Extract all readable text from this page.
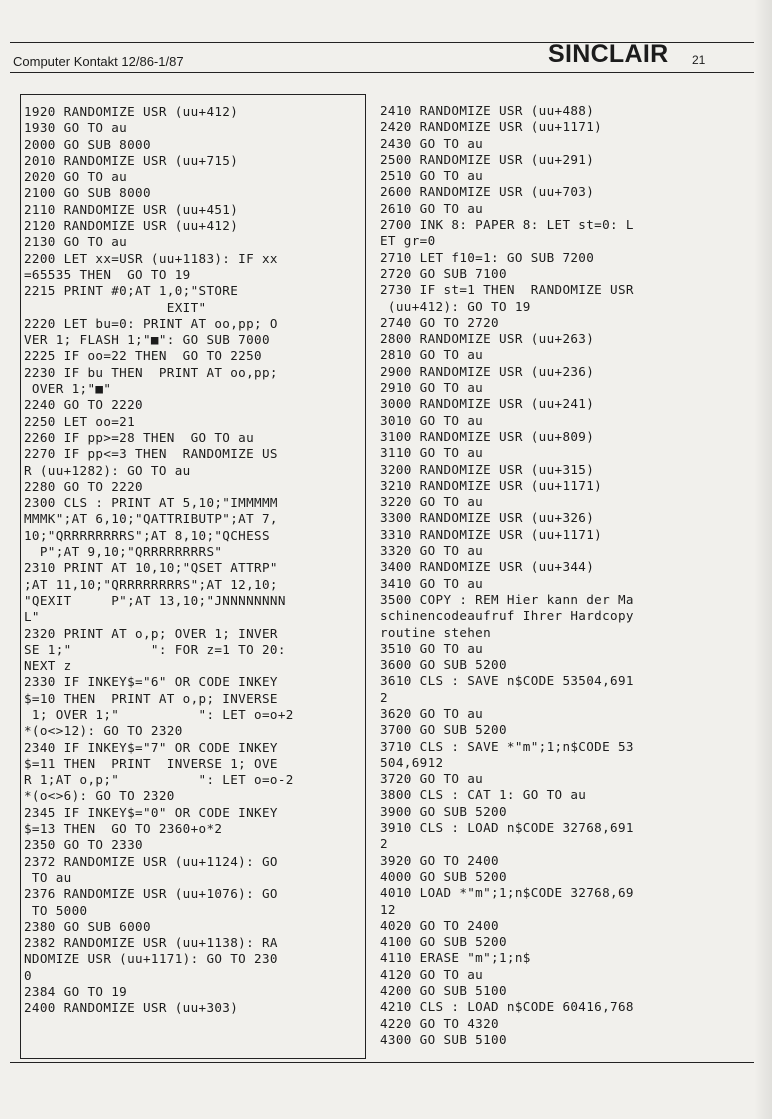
Computer Kontakt 12/86-1/87	SINCLAIR 21
1920 RANDOMIZE USR (uu+412)
1930 GO TO au
2000 GO SUB 8000
2010 RANDOMIZE USR (uu+715)
2020 GO TO au
2100 GO SUB 8000
2110 RANDOMIZE USR (uu+451)
2120 RANDOMIZE USR (uu+412)
2130 GO TO au
2200 LET xx=USR (uu+1183): IF xx
=65535 THEN  GO TO 19
2215 PRINT #0;AT 1,0;"STORE
EXIT"
2220 LET bu=0: PRINT AT oo,pp; O
VER 1; FLASH 1;"■": GO SUB 7000
2225 IF oo=22 THEN  GO TO 2250
2230 IF bu THEN  PRINT AT oo,pp;
OVER 1;"■"
2240 GO TO 2220
2250 LET oo=21
2260 IF pp>=28 THEN  GO TO au
2270 IF pp<=3 THEN  RANDOMIZE US
R (uu+1282): GO TO au
2280 GO TO 2220
2300 CLS : PRINT AT 5,10;"IMMMMM
MMMK";AT 6,10;"QATTRIBUTP";AT 7,
10;"QRRRRRRRRS";AT 8,10;"QCHESS
P";AT 9,10;"QRRRRRRRRS"
2310 PRINT AT 10,10;"QSET ATTRP"
;AT 11,10;"QRRRRRRRRS";AT 12,10;
"QEXIT     P";AT 13,10;"JNNNNNNNN
L"
2320 PRINT AT o,p; OVER 1; INVER
SE 1;"          ": FOR z=1 TO 20:
NEXT z
2330 IF INKEY$="6" OR CODE INKEY
$=10 THEN  PRINT AT o,p; INVERSE
1; OVER 1;"          ": LET o=o+2
*(o<>12): GO TO 2320
2340 IF INKEY$="7" OR CODE INKEY
$=11 THEN  PRINT  INVERSE 1; OVE
R 1;AT o,p;"          ": LET o=o-2
*(o<>6): GO TO 2320
2345 IF INKEY$="0" OR CODE INKEY
$=13 THEN  GO TO 2360+o*2
2350 GO TO 2330
2372 RANDOMIZE USR (uu+1124): GO
TO au
2376 RANDOMIZE USR (uu+1076): GO
TO 5000
2380 GO SUB 6000
2382 RANDOMIZE USR (uu+1138): RA
NDOMIZE USR (uu+1171): GO TO 230
0
2384 GO TO 19
2400 RANDOMIZE USR (uu+303)

2410 RANDOMIZE USR (uu+488)
2420 RANDOMIZE USR (uu+1171)
2430 GO TO au
2500 RANDOMIZE USR (uu+291)
2510 GO TO au
2600 RANDOMIZE USR (uu+703)
2610 GO TO au
2700 INK 8: PAPER 8: LET st=0: L
ET gr=0
2710 LET f10=1: GO SUB 7200
2720 GO SUB 7100
2730 IF st=1 THEN  RANDOMIZE USR
(uu+412): GO TO 19
2740 GO TO 2720
2800 RANDOMIZE USR (uu+263)
2810 GO TO au
2900 RANDOMIZE USR (uu+236)
2910 GO TO au
3000 RANDOMIZE USR (uu+241)
3010 GO TO au
3100 RANDOMIZE USR (uu+809)
3110 GO TO au
3200 RANDOMIZE USR (uu+315)
3210 RANDOMIZE USR (uu+1171)
3220 GO TO au
3300 RANDOMIZE USR (uu+326)
3310 RANDOMIZE USR (uu+1171)
3320 GO TO au
3400 RANDOMIZE USR (uu+344)
3410 GO TO au
3500 COPY : REM Hier kann der Ma
schinencodeaufruf Ihrer Hardcopy
routine stehen
3510 GO TO au
3600 GO SUB 5200
3610 CLS : SAVE n$CODE 53504,691
2
3620 GO TO au
3700 GO SUB 5200
3710 CLS : SAVE *"m";1;n$CODE 53
504,6912
3720 GO TO au
3800 CLS : CAT 1: GO TO au
3900 GO SUB 5200
3910 CLS : LOAD n$CODE 32768,691
2
3920 GO TO 2400
4000 GO SUB 5200
4010 LOAD *"m";1;n$CODE 32768,69
12
4020 GO TO 2400
4100 GO SUB 5200
4110 ERASE "m";1;n$
4120 GO TO au
4200 GO SUB 5100
4210 CLS : LOAD n$CODE 60416,768
4220 GO TO 4320
4300 GO SUB 5100
